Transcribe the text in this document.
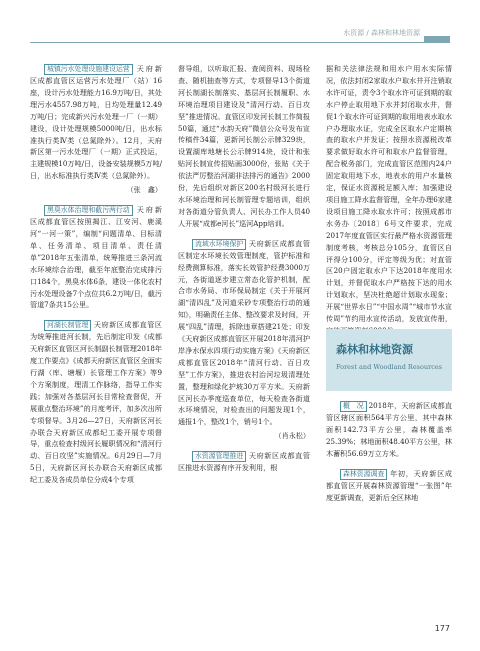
水资源 / 森林和林地资源

城镇污水处理设施建设运营 天府新区成都直管区运营污水处理厂（站）16座，设计污水处理能力16.9万吨/日，其处理污水4557.98万吨，日均处理量12.49万吨/日；完成新兴污水处理一厂（一期）建设，设计处理规模5000吨/日，出水标准执行类Ⅳ类（总氮除外）。12月，天府新区第一污水处理厂（一期）正式投运，主建规模10万吨/日，设备安装规模5万吨/日，出水标准执行类Ⅳ类（总氮除外）。

（张　鑫）

黑臭水体治理和截污两行动 天府新区成都直管区按照揭江、江安河、鹿溪河“一河一策”，编制“问题清单、目标清单、任务清单、项目清单、责任清单”2018年五张清单，统筹推进三条河流水环境综合治理，截至年底整治完成排污口184个，黑臭水体6条，建设一体化农村污水处理设备7个点位共6.2万吨/日，截污管道7条共15公里。

河湖长制管理 天府新区成都直管区为统筹推进河长制，先后制定印发《成都天府新区直管区河长制副长制管理2018年度工作要点》《成都天府新区直管区全面实行湖（库、塘堰）长管理工作方案》等9个方案制度，理清工作脉络，指导工作实践；加强对各基层河长目常检查督促，开展重点整治环境”的月度考评，加多次出所专项督导。3月26—27日，天府新区河长办联合天府新区成都纪工委开展专项督导，重点检查村级河长履职情况和“清河行动、百日攻坚”实施情况。6月29日—7月5日，天府新区河长办联合天府新区成都纪工委及各成员单位分成4个专项

督导组，以听取汇报、查阅资料、现场检查、随机抽查等方式，专项督导13个街道河长制湖长制落实、基层河长制履职、水环境治理项目建设及“清河行动、百日攻坚”推进情况。直管区印发河长制工作简报50篇，通过“水韵天府”微信公众号发布宣传稿件34篇，更新河长制公示牌329块，设置湖库地塘长公示牌914块，设计和张贴河长制宣传招贴画3000份，张贴《关于依法严厉整治河湖非法排污的通告》2000份，先后组织对新区200名村级河长进行水环境治理和河长制管理专题培训，组织对各街道分管负责人、河长办工作人员40人开展“成都e河长”巡河App培训。

流域水环境保护 天府新区成都直管区制定水环境长效管理制度，管护标准和经费测算标准，落实长效管护经费3000万元，各街道逐步建立常态化管护机制，配合市水务局、市环保局制定《关于开展河湖“清四乱”及河道采砂专项整治行动的通知》，明确责任主体、整改要求及时间，开展“四乱”清理，拆除违章搭建21处；印发《天府新区成都直管区开展2018年清河护岸净水保水四项行动实施方案》《天府新区成都直管区2018年“清河行动、百日攻坚”工作方案》，推进农村治河垃圾清理处置，整理和绿化护坡30万平方米。天府新区河长办季度巡查单位，每天检查各街道水环境情况，对检查出的问题发现1个，通报1个，整改1个，销号1个。

（肖永松）

水资源管理推进 天府新区成都直管区推进水资源有序开发利用，根

据和关法律法规和用水户用水实际情况，依法封闭2家取水户取水井开注销取水许可证，责令3个取水许可证到期的取水户停止取用地下水并封闭取水井，督促1个取水许可证到期的取用地表水取水户办理取水证，完成全区取水户定期核查的取水户并发证；按照水资源税改革要求做好取水许可和取水户监督管理，配合税务部门，完成直管区范围内24户固定取用地下水，地表水的用户水量核定，保证水资源税足额入库；加强建设项目施工降水监督管理，全年办理6家建设项目施工降水取水许可；按照成都市水务办〔2018〕6号文件要求，完成2017年度直管区实行最严格水资源管理制度考核，考核总分105分，直管区自评得分100分，评定等级为优；对直管区20户固定取水户下达2018年度用水计划，并督促取水户严格按下达的用水计划取水，坚决杜绝超计划取水现象；开展“世界水日”“中国水周”“城市节水宣传周”节约用水宣传活动，发放宣传册，

森林和林地资源
Forest and Woodland Resources

概　况 2018年，天府新区成都直管区辖区面积564平方公里，其中森林面积142.73平方公里，森林覆盖率25.39%；林地面积48.40平方公里，林木蓄积56.69万立方米。

森林资源调查 年初，天府新区成都直管区开展森林资源管理“一张图”年度更新调查，更新后全区林地

177
